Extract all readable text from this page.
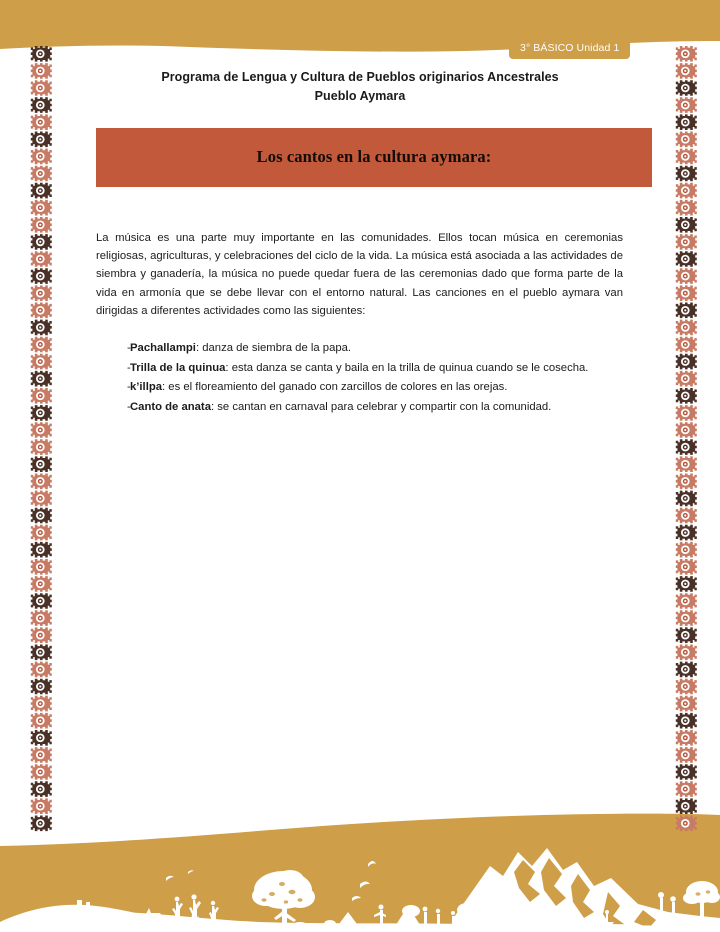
3° BÁSICO Unidad 1
Programa de Lengua y Cultura de Pueblos originarios Ancestrales
Pueblo Aymara
Los cantos en la cultura aymara:

La música es una parte muy importante en las comunidades. Ellos tocan música en ceremonias religiosas, agriculturas, y celebraciones del ciclo de la vida. La música está asociada a las actividades de siembra y ganadería, la música no puede quedar fuera de las ceremonias dado que forma parte de la vida en armonía que se debe llevar con el entorno natural. Las canciones en el pueblo aymara van dirigidas a diferentes actividades como las siguientes:

- Pachallampi: danza de siembra de la papa.
- Trilla de la quinua: esta danza se canta y baila en la trilla de quinua cuando se le cosecha.
- k’illpa: es el floreamiento del ganado con zarcillos de colores en las orejas.
- Canto de anata: se cantan en carnaval para celebrar y compartir con la comunidad.
